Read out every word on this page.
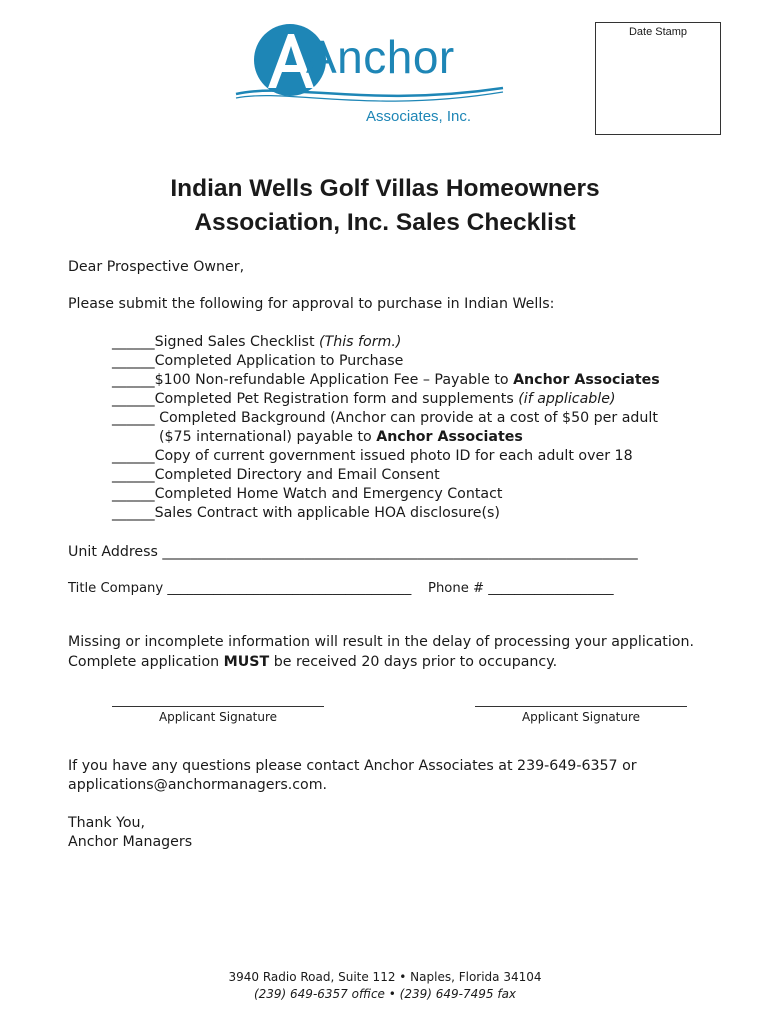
Anchor
Associates, Inc.
Date Stamp
Indian Wells Golf Villas Homeowners
Association, Inc. Sales Checklist
Dear Prospective Owner,
Please submit the following for approval to purchase in Indian Wells:
______Signed Sales Checklist (This form.)
______Completed Application to Purchase
______$100 Non-refundable Application Fee – Payable to Anchor Associates
______Completed Pet Registration form and supplements (if applicable)
______ Completed Background (Anchor can provide at a cost of $50 per adult
($75 international) payable to Anchor Associates
______Copy of current government issued photo ID for each adult over 18
______Completed Directory and Email Consent
______Completed Home Watch and Emergency Contact
______Sales Contract with applicable HOA disclosure(s)
Unit Address ___________________________________________________________________
Title Company _____________________________________ Phone # ___________________
Missing or incomplete information will result in the delay of processing your application.
Complete application MUST be received 20 days prior to occupancy.
Applicant Signature	Applicant Signature
If you have any questions please contact Anchor Associates at 239-649-6357 or
applications@anchormanagers.com.
Thank You,
Anchor Managers
3940 Radio Road, Suite 112 • Naples, Florida 34104
(239) 649-6357 office • (239) 649-7495 fax
